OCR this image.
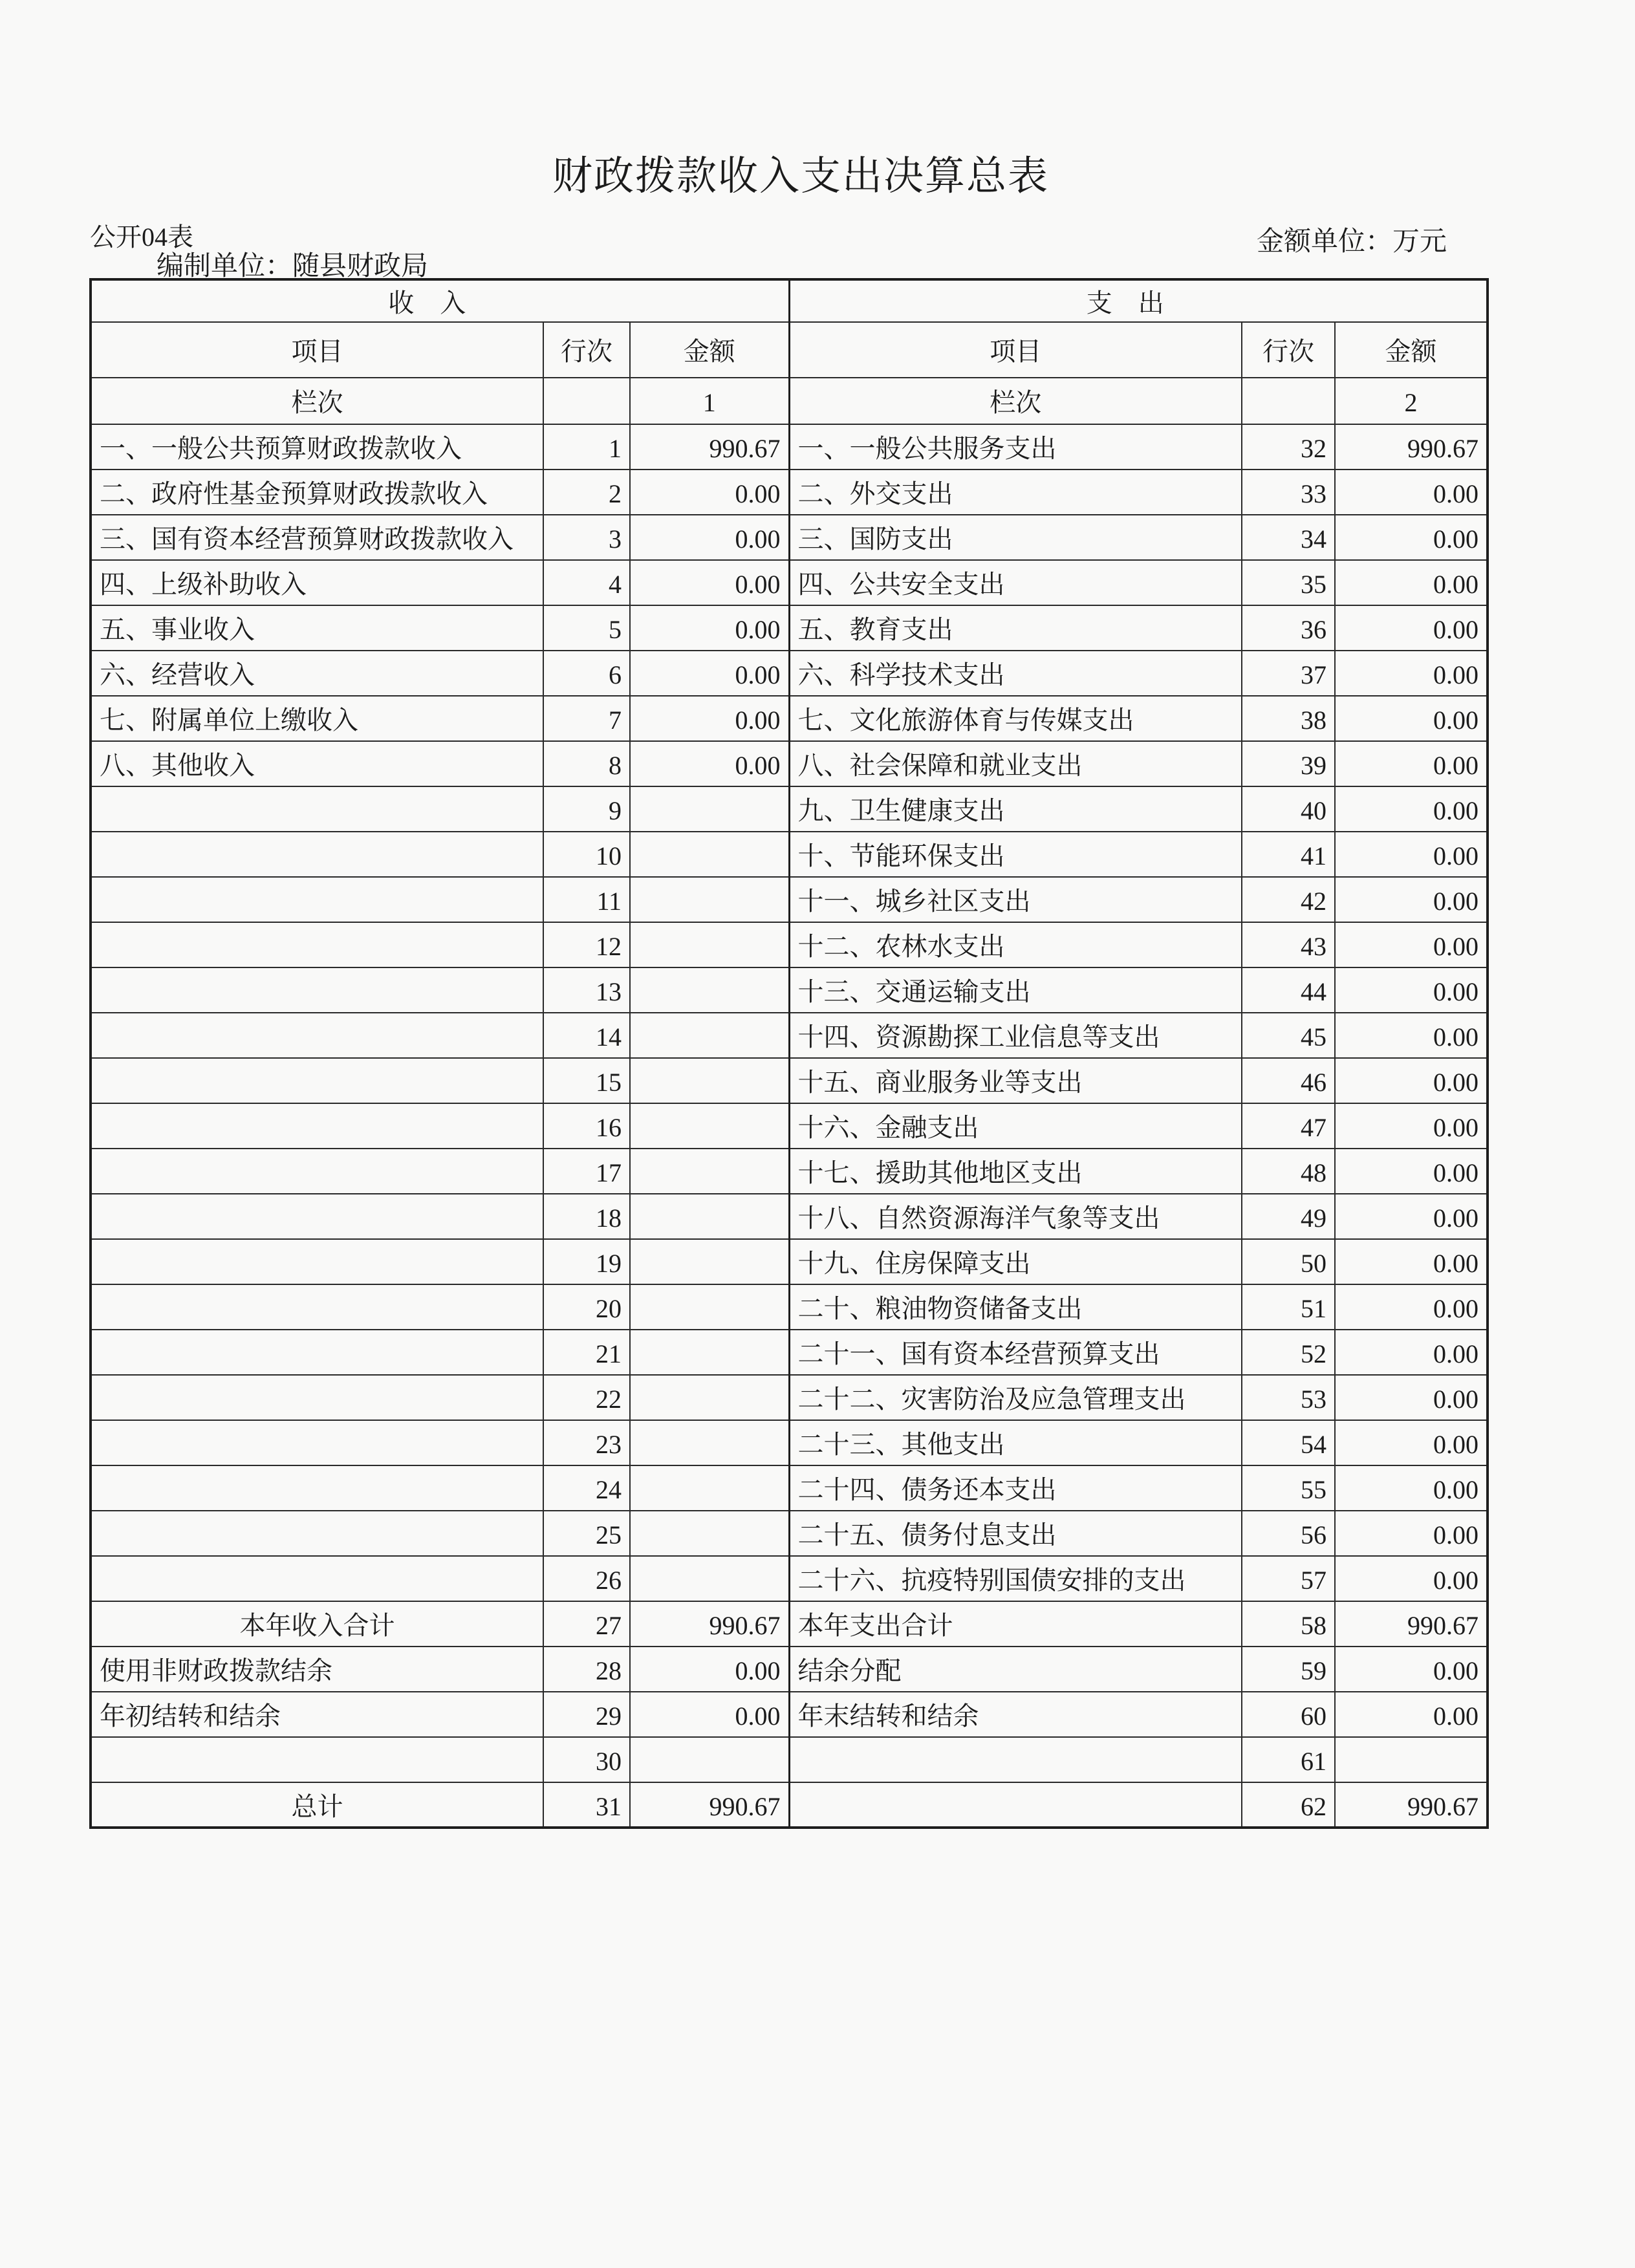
财政拨款收入支出决算总表
公开04表	金额单位：万元
编制单位：随县财政局
收入			支出		
项目	行次	金额	项目	行次	金额
栏次		1	栏次		2
一、一般公共预算财政拨款收入	1	990.67	一、一般公共服务支出	32	990.67
二、政府性基金预算财政拨款收入	2	0.00	二、外交支出	33	0.00
三、国有资本经营预算财政拨款收入	3	0.00	三、国防支出	34	0.00
四、上级补助收入	4	0.00	四、公共安全支出	35	0.00
五、事业收入	5	0.00	五、教育支出	36	0.00
六、经营收入	6	0.00	六、科学技术支出	37	0.00
七、附属单位上缴收入	7	0.00	七、文化旅游体育与传媒支出	38	0.00
八、其他收入	8	0.00	八、社会保障和就业支出	39	0.00
	9		九、卫生健康支出	40	0.00
	10		十、节能环保支出	41	0.00
	11		十一、城乡社区支出	42	0.00
	12		十二、农林水支出	43	0.00
	13		十三、交通运输支出	44	0.00
	14		十四、资源勘探工业信息等支出	45	0.00
	15		十五、商业服务业等支出	46	0.00
	16		十六、金融支出	47	0.00
	17		十七、援助其他地区支出	48	0.00
	18		十八、自然资源海洋气象等支出	49	0.00
	19		十九、住房保障支出	50	0.00
	20		二十、粮油物资储备支出	51	0.00
	21		二十一、国有资本经营预算支出	52	0.00
	22		二十二、灾害防治及应急管理支出	53	0.00
	23		二十三、其他支出	54	0.00
	24		二十四、债务还本支出	55	0.00
	25		二十五、债务付息支出	56	0.00
	26		二十六、抗疫特别国债安排的支出	57	0.00
本年收入合计	27	990.67	本年支出合计	58	990.67
使用非财政拨款结余	28	0.00	结余分配	59	0.00
年初结转和结余	29	0.00	年末结转和结余	60	0.00
	30			61	
总计	31	990.67		62	990.67
